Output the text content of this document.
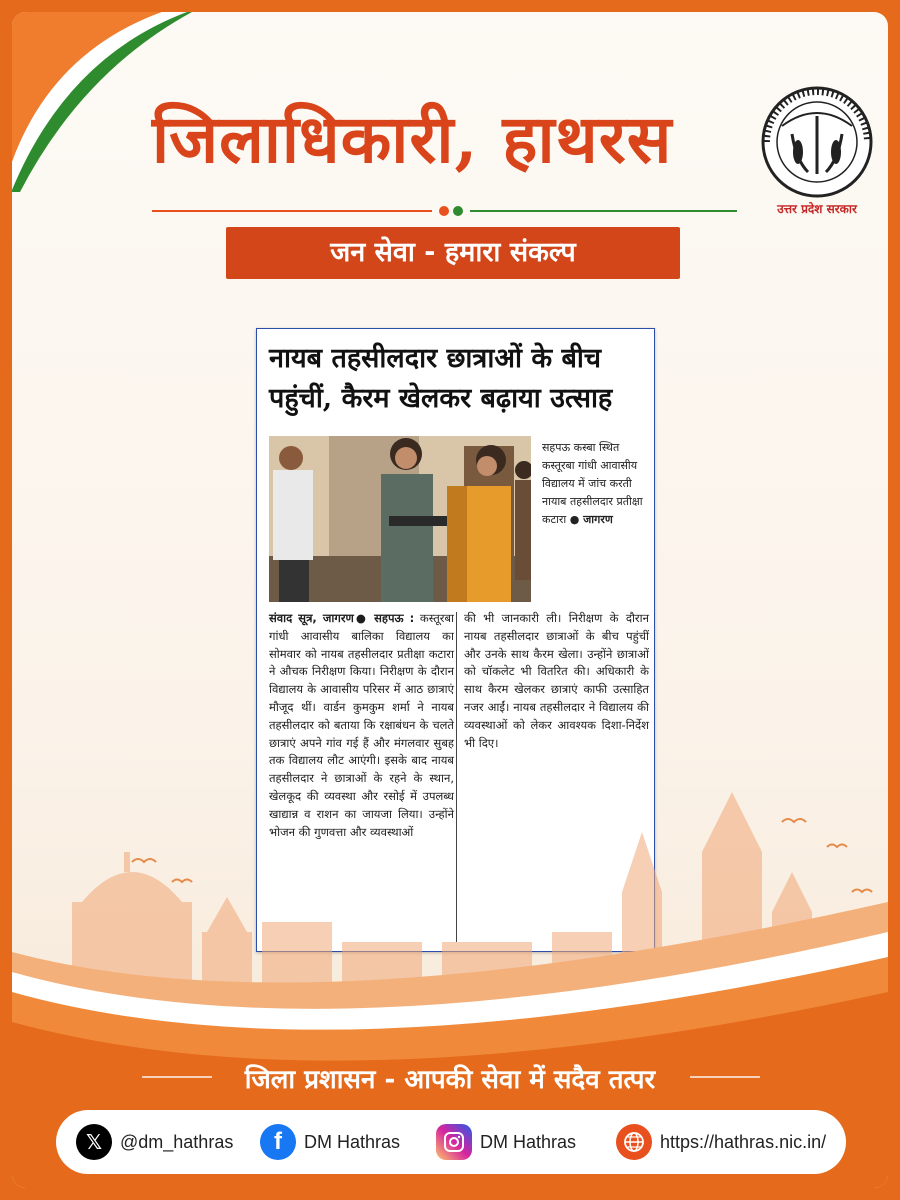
जिलाधिकारी, हाथरस
उत्तर प्रदेश सरकार
जन सेवा - हमारा संकल्प
नायब तहसीलदार छात्राओं के बीच पहुंचीं, कैरम खेलकर बढ़ाया उत्साह
सहपऊ कस्बा स्थित कस्तूरबा गांधी आवासीय विद्यालय में जांच करती नायाब तहसीलदार प्रतीक्षा कटारा ● जागरण
संवाद सूत्र, जागरण● सहपऊ : कस्तूरबा गांधी आवासीय बालिका विद्यालय का सोमवार को नायब तहसीलदार प्रतीक्षा कटारा ने औचक निरीक्षण किया। निरीक्षण के दौरान विद्यालय के आवासीय परिसर में आठ छात्राएं मौजूद थीं। वार्डन कुमकुम शर्मा ने नायब तहसीलदार को बताया कि रक्षाबंधन के चलते छात्राएं अपने गांव गई हैं और मंगलवार सुबह तक विद्यालय लौट आएंगी। इसके बाद नायब तहसीलदार ने छात्राओं के रहने के स्थान, खेलकूद की व्यवस्था और रसोई में उपलब्ध खाद्यान्न व राशन का जायजा लिया। उन्होंने भोजन की गुणवत्ता और व्यवस्थाओं
की भी जानकारी ली। निरीक्षण के दौरान नायब तहसीलदार छात्राओं के बीच पहुंचीं और उनके साथ कैरम खेला। उन्होंने छात्राओं को चॉकलेट भी वितरित की। अधिकारी के साथ कैरम खेलकर छात्राएं काफी उत्साहित नजर आईं। नायब तहसीलदार ने विद्यालय की व्यवस्थाओं को लेकर आवश्यक दिशा-निर्देश भी दिए।
जिला प्रशासन - आपकी सेवा में सदैव तत्पर
𝕏 @dm_hathras	f	DM Hathras	DM Hathras	https://hathras.nic.in/
